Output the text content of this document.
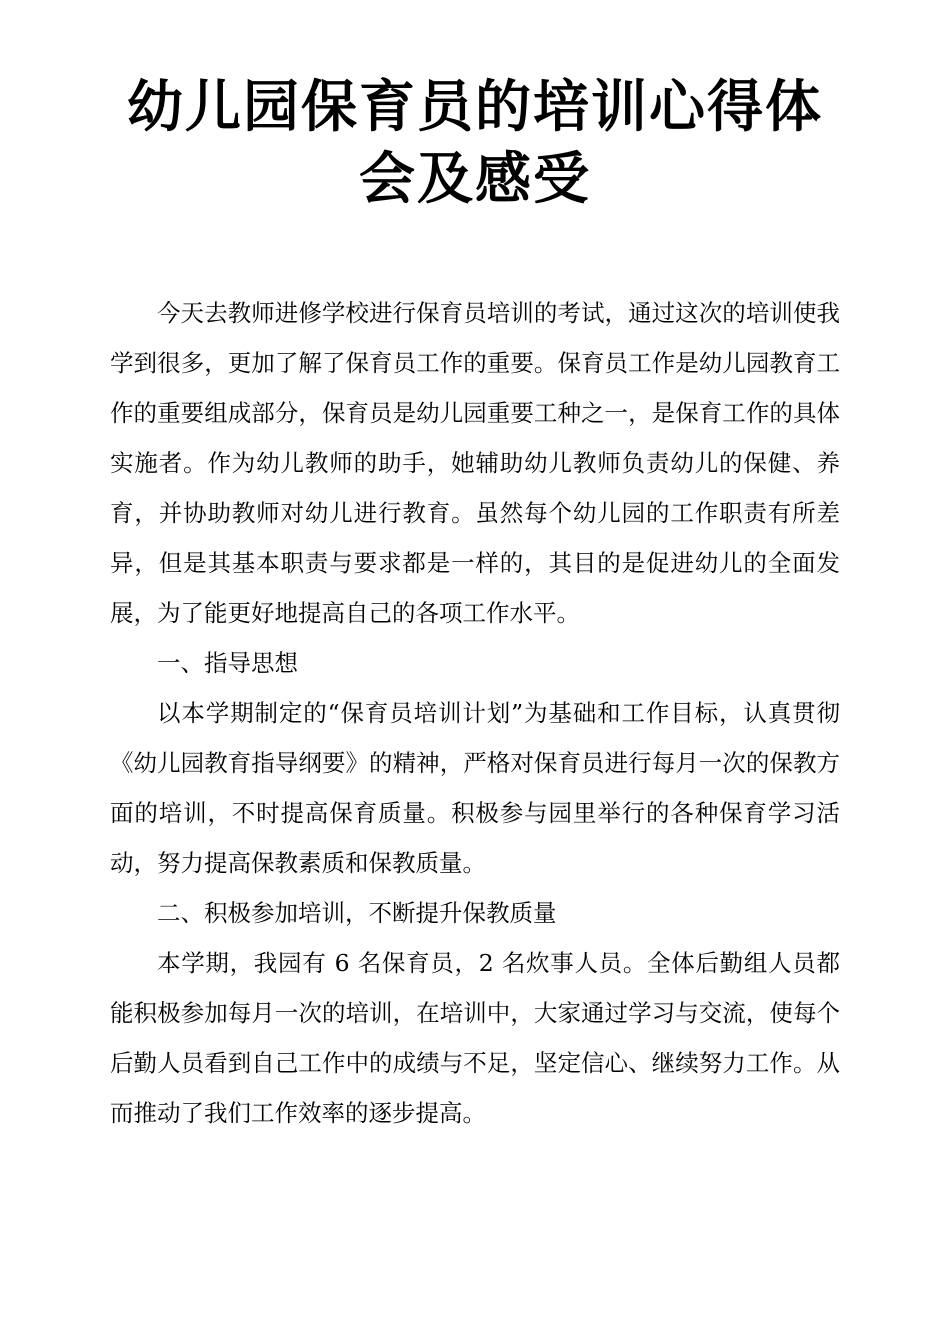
幼儿园保育员的培训心得体
会及感受

今天去教师进修学校进行保育员培训的考试，通过这次的培训使我学到很多，更加了解了保育员工作的重要。保育员工作是幼儿园教育工作的重要组成部分，保育员是幼儿园重要工种之一，是保育工作的具体实施者。作为幼儿教师的助手，她辅助幼儿教师负责幼儿的保健、养育，并协助教师对幼儿进行教育。虽然每个幼儿园的工作职责有所差异，但是其基本职责与要求都是一样的，其目的是促进幼儿的全面发展，为了能更好地提高自己的各项工作水平。

一、指导思想

以本学期制定的“保育员培训计划”为基础和工作目标，认真贯彻《幼儿园教育指导纲要》的精神，严格对保育员进行每月一次的保教方面的培训，不时提高保育质量。积极参与园里举行的各种保育学习活动，努力提高保教素质和保教质量。

二、积极参加培训，不断提升保教质量

本学期，我园有 6 名保育员，2 名炊事人员。全体后勤组人员都能积极参加每月一次的培训，在培训中，大家通过学习与交流，使每个后勤人员看到自己工作中的成绩与不足，坚定信心、继续努力工作。从而推动了我们工作效率的逐步提高。
